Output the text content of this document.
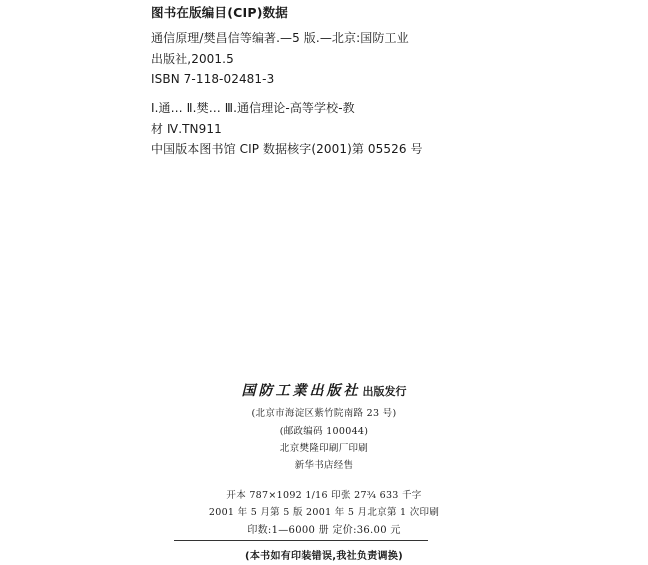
图书在版编目(CIP)数据
通信原理/樊昌信等编著.—5 版.—北京:国防工业
出版社,2001.5
ISBN 7-118-02481-3
Ⅰ.通… Ⅱ.樊… Ⅲ.通信理论-高等学校-教
材 Ⅳ.TN911
中国版本图书馆 CIP 数据核字(2001)第 05526 号
国防工業出版社 出版发行
(北京市海淀区紫竹院南路 23 号)
(邮政编码 100044)
北京樊隆印刷厂印刷
新华书店经售
开本 787×1092 1/16 印张 27¾ 633 千字
2001 年 5 月第 5 版 2001 年 5 月北京第 1 次印刷
印数:1—6000 册 定价:36.00 元
(本书如有印装错误,我社负责调换)
